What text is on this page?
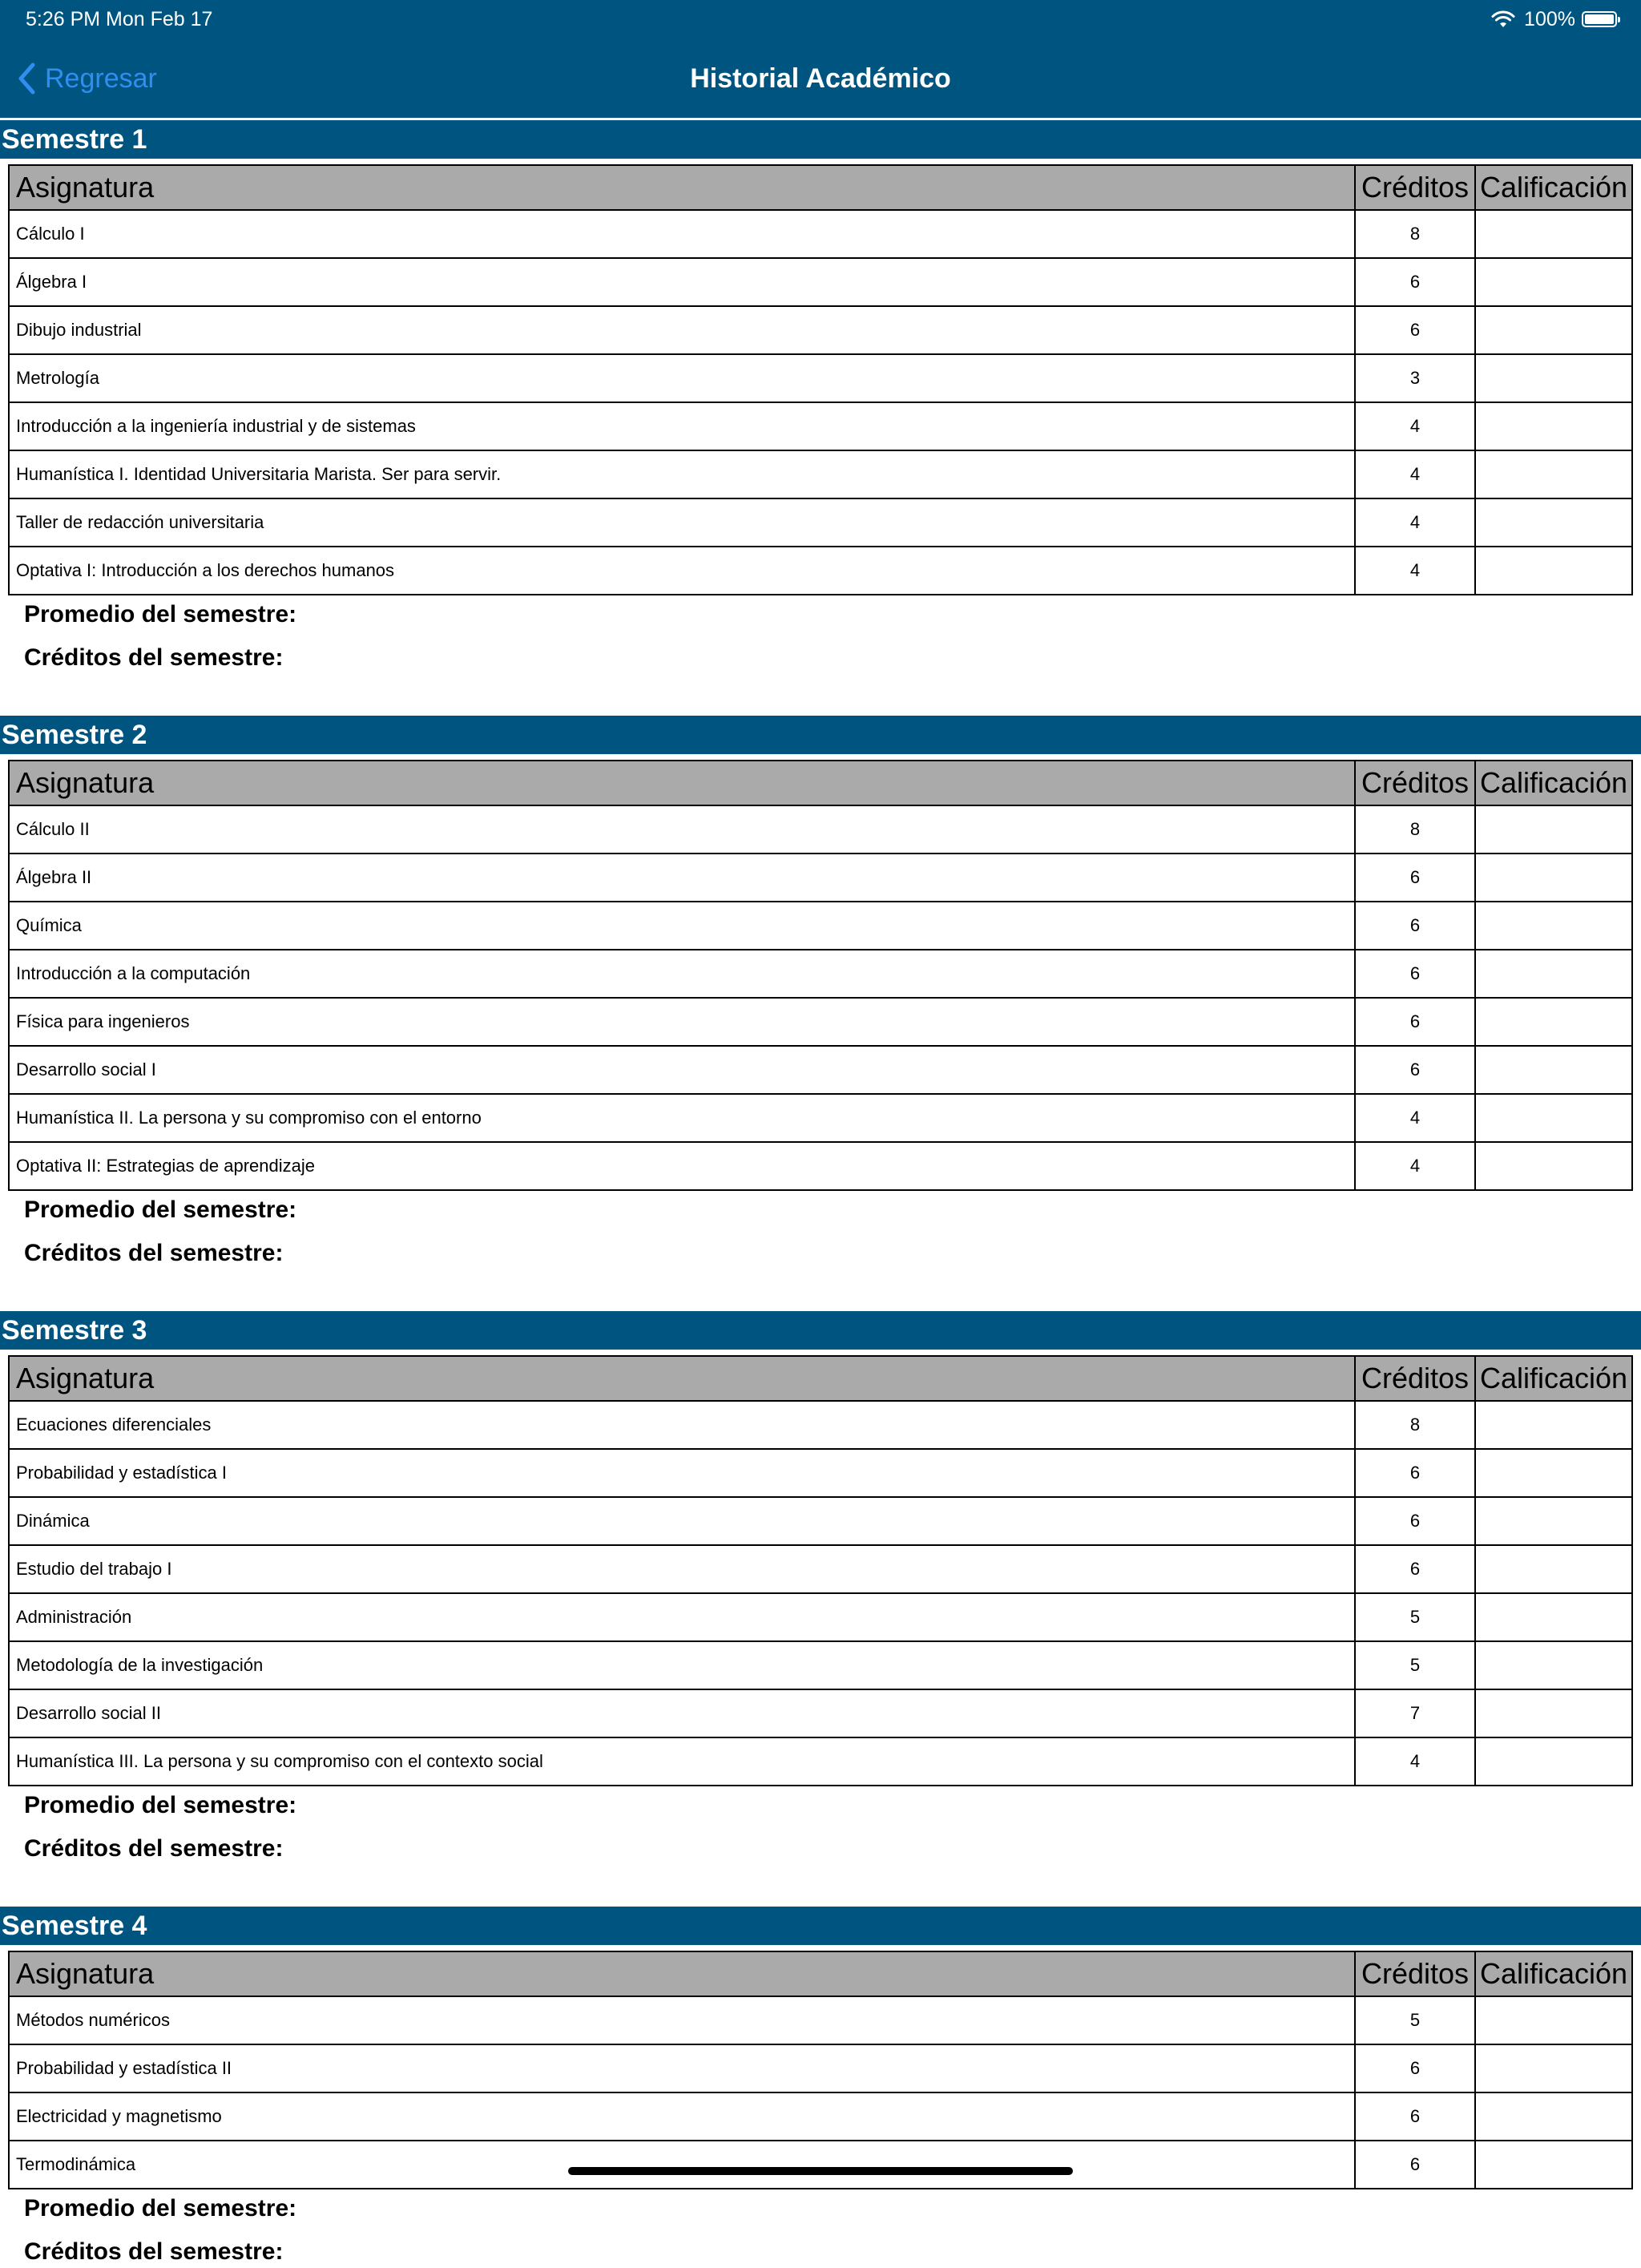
5:26 PM Mon Feb 17	100%
Historial Académico
Regresar
Semestre 1
Asignatura	Créditos	Calificación
Cálculo I	8	
Álgebra I	6	
Dibujo industrial	6	
Metrología	3	
Introducción a la ingeniería industrial y de sistemas	4	
Humanística I. Identidad Universitaria Marista. Ser para servir.	4	
Taller de redacción universitaria	4	
Optativa I: Introducción a los derechos humanos	4	
Promedio del semestre:
Créditos del semestre:
Semestre 2
Asignatura	Créditos	Calificación
Cálculo II	8	
Álgebra II	6	
Química	6	
Introducción a la computación	6	
Física para ingenieros	6	
Desarrollo social I	6	
Humanística II. La persona y su compromiso con el entorno	4	
Optativa II: Estrategias de aprendizaje	4	
Promedio del semestre:
Créditos del semestre:
Semestre 3
Asignatura	Créditos	Calificación
Ecuaciones diferenciales	8	
Probabilidad y estadística I	6	
Dinámica	6	
Estudio del trabajo I	6	
Administración	5	
Metodología de la investigación	5	
Desarrollo social II	7	
Humanística III. La persona y su compromiso con el contexto social	4	
Promedio del semestre:
Créditos del semestre:
Semestre 4
Asignatura	Créditos	Calificación
Métodos numéricos	5	
Probabilidad y estadística II	6	
Electricidad y magnetismo	6	
Termodinámica	6	
Promedio del semestre:
Créditos del semestre:
